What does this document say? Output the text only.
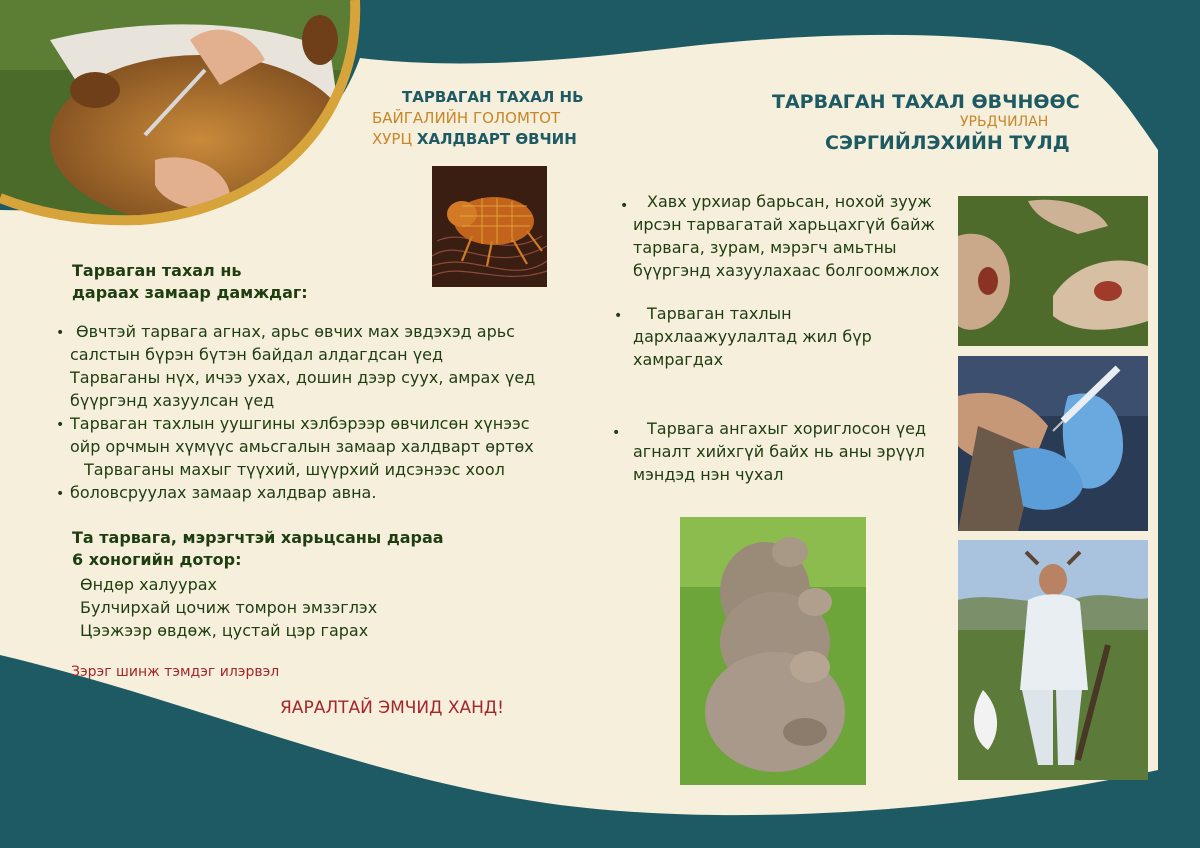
ТАРВАГАН ТАХАЛ НЬ
БАЙГАЛИЙН ГОЛОМТОТ
ХУРЦ ХАЛДВАРТ ӨВЧИН
ТАРВАГАН ТАХАЛ ӨВЧНӨӨС
УРЬДЧИЛАН
СЭРГИЙЛЭХИЙН ТУЛД
Тарваган тахал нь
дараах замаар дамждаг:
• Өвчтэй тарвага агнах, арьс өвчих мах эвдэхэд арьс
салстын бүрэн бүтэн байдал алдагдсан үед
Тарваганы нүх, ичээ ухах, дошин дээр суух, амрах үед
бүүргэнд хазуулсан үед
• Тарваган тахлын уушгины хэлбэрээр өвчилсөн хүнээс
ойр орчмын хүмүүс амьсгалын замаар халдварт өртөх
Тарваганы махыг түүхий, шүүрхий идсэнээс хоол
• боловсруулах замаар халдвар авна.
Та тарвага, мэрэгчтэй харьцсаны дараа
6 хоногийн дотор:
Өндөр халуурах
Булчирхай цочиж томрон эмзэглэх
Цээжээр өвдөж, цустай цэр гарах
Зэрэг шинж тэмдэг илэрвэл
ЯАРАЛТАЙ ЭМЧИД ХАНД!
•	Хавх урхиар барьсан, нохой зууж
ирсэн тарвагатай харьцахгүй байж
тарвага, зурам, мэрэгч амьтны
бүүргэнд хазуулахаас болгоомжлох
•	Тарваган тахлын
дархлаажуулалтад жил бүр
хамрагдах
•	Тарвага ангахыг хориглосон үед
агналт хийхгүй байх нь аны эрүүл
мэндэд нэн чухал
